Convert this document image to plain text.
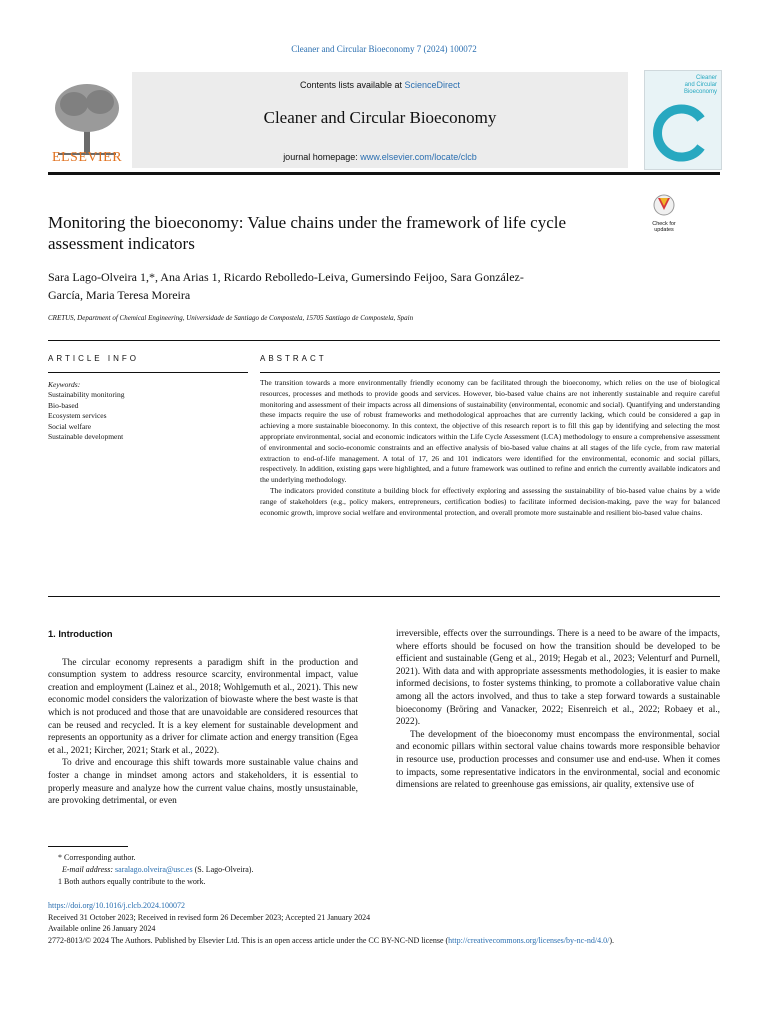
Cleaner and Circular Bioeconomy 7 (2024) 100072
ELSEVIER
Contents lists available at ScienceDirect
Cleaner and Circular Bioeconomy
journal homepage: www.elsevier.com/locate/clcb
Cleaner
and Circular
Bioeconomy
Monitoring the bioeconomy: Value chains under the framework of life cycle
assessment indicators
Check for
updates
Sara Lago-Olveira 1,*, Ana Arias 1, Ricardo Rebolledo-Leiva, Gumersindo Feijoo, Sara González-
García, Maria Teresa Moreira
CRETUS, Department of Chemical Engineering, Universidade de Santiago de Compostela, 15705 Santiago de Compostela, Spain
ARTICLE INFO
Keywords:
Sustainability monitoring
Bio-based
Ecosystem services
Social welfare
Sustainable development
ABSTRACT

The transition towards a more environmentally friendly economy can be facilitated through the bioeconomy, which relies on the use of biological resources, processes and methods to provide goods and services. However, bio-based value chains are not inherently sustainable and require careful monitoring and assessment of their impacts across all dimensions of sustainability (environmental, economic and social). Quantifying and understanding these impacts require the use of robust frameworks and methodological approaches that are currently lacking, which could be considered a gap in achieving a more sustainable bioeconomy. In this context, the objective of this research report is to fill this gap by identifying and selecting the most appropriate environmental, social and economic indicators within the Life Cycle Assessment (LCA) methodology to ensure a comprehensive assessment of environmental and socio-economic constraints and an effective analysis of bio-based value chains at all stages of the life cycle, from raw material extraction to end-of-life management. A total of 17, 26 and 101 indicators were identified for the environmental, economic and social pillars, respectively. In addition, existing gaps were highlighted, and a future framework was outlined to refine and enrich the currently available indicators and the underlying methodology.

The indicators provided constitute a building block for effectively exploring and assessing the sustainability of bio-based value chains by a wide range of stakeholders (e.g., policy makers, entrepreneurs, certification bodies) to facilitate informed decision-making, pave the way for balanced economic growth, improve social welfare and environmental protection, and overall promote more sustainable and resilient bio-based value chains.

1. Introduction

The circular economy represents a paradigm shift in the production and consumption system to address resource scarcity, environmental impact, value creation and employment (Lainez et al., 2018; Wohlgemuth et al., 2021). This new economic model considers the valorization of biowaste where the best waste is that which is not produced and those that are unavoidable are considered resources that can be reused and recycled. It is a key element for sustainable development and represents an opportunity as a driver for climate action and energy transition (Egea et al., 2021; Kircher, 2021; Stark et al., 2022).

To drive and encourage this shift towards more sustainable value chains and foster a change in mindset among actors and stakeholders, it is essential to properly measure and analyze how the current value chains, mostly unsustainable, are provoking detrimental, or even

irreversible, effects over the surroundings. There is a need to be aware of the impacts, where efforts should be focused on how the transition should be developed to be efficient and sustainable (Geng et al., 2019; Hegab et al., 2023; Velenturf and Purnell, 2021). With data and with appropriate assessments methodologies, it is easier to make informed decisions, to foster systems thinking, to promote a collaborative value chain among all the actors involved, and thus to take a step forward towards a sustainable bioeconomy (Bröring and Vanacker, 2022; Eisenreich et al., 2022; Robaey et al., 2022).

The development of the bioeconomy must encompass the environmental, social and economic pillars within sectoral value chains towards more responsible behavior in resource use, production processes and consumer use and end-use. When it comes to impacts, some representative indicators in the environmental, social and economic dimensions are related to greenhouse gas emissions, air quality, extensive use of

* Corresponding author.
E-mail address: saralago.olveira@usc.es (S. Lago-Olveira).
1 Both authors equally contribute to the work.
https://doi.org/10.1016/j.clcb.2024.100072
Received 31 October 2023; Received in revised form 26 December 2023; Accepted 21 January 2024
Available online 26 January 2024
2772-8013/© 2024 The Authors. Published by Elsevier Ltd. This is an open access article under the CC BY-NC-ND license (http://creativecommons.org/licenses/by-nc-nd/4.0/).
